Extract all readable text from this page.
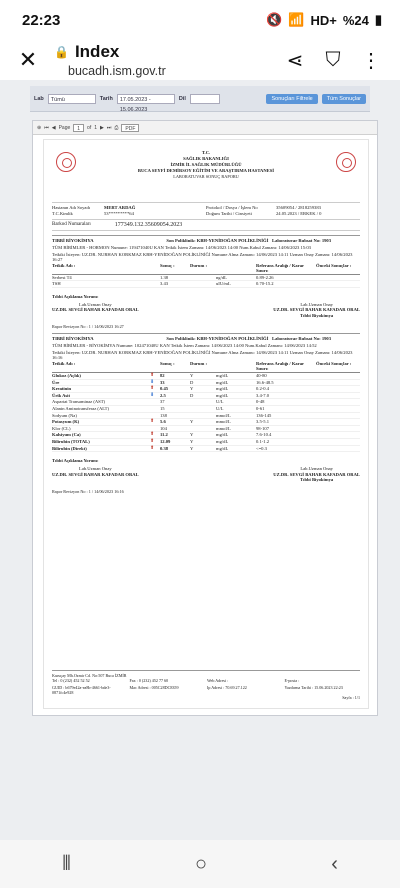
22:23	🔇 📶 HD+ %24 ▮
✕	🔒 Index
bucadh.ism.gov.tr	⋖	⛉	⋮
Lab	Tümü	Tarih	17.05.2023 - 15.06.2023
Dil	Sonuçları Filtrele	Tüm Sonuçlar
⊕ ⏮ ◀ Page	1	of 1 ▶ ⏭ ⎙	PDF
T.C.
SAĞLIK BAKANLIĞI
İZMİR İL SAĞLIK MÜDÜRLÜĞÜ
BUCA SEYFİ DEMİRSOY EĞİTİM VE ARAŞTIRMA HASTANESİ
LABORATUVAR SONUÇ RAPORU
Hastanın Adı Soyadı	MERT ARDAĞ	Protokol / Dosya / İşlem No	35609054 / 2818259383
T.C.Kimlik	53*********64	Doğum Tarihi / Cinsiyeti	24.05.2023 / ERKEK / 0
Barkod Numaraları	177349.132.35609054.2023
TIBBİ BİYOKİMYA	Son Poliklinik: KBH-YENİDOĞAN POLİKLİNİĞİ Laboratuvar Rubsat No: 1903
TÜM BİRİMLER - HORMON Numune: 119471040U KAN Tetkik İstem Zamanı: 14/06/2023 14:00 Num.Kabul Zamanı: 14/06/2023 15:03
Tetkiki İsteyen: UZ.DR. NURHAN KORKMAZ KBH-YENİDOĞAN POLİKLİNİĞİ Numune Alma Zamanı: 14/06/2023 14:11 Uzman Onay Zamanı: 14/06/2023 16:27
Tetkik Adı :	Sonuç :	Durum :	Referans Aralığı / Karar Sınırı:
Önceki Sonuçlar :
Serbest T4	1.38	ng/dL	0.89-2.26
TSH	3.43	uIU/mL	0.70-15.2
Tıbbi Açıklama Yorum:
Lab.Uzman Onay
UZ.DR. SEVGİ BAHAR KAFADAR ORAL
Lab.Uzman Onay
UZ.DR. SEVGİ BAHAR KAFADAR ORAL
Tıbbi Biyokimya
Rapor Revizyon No : 1 / 14/06/2023 16:27
TIBBİ BİYOKİMYA	Son Poliklinik: KBH-YENİDOĞAN POLİKLİNİĞİ Laboratuvar Rubsat No: 1903
TÜM BİRİMLER - BİYOKİMYA Numune: 102471040U KAN Tetkik İstem Zamanı: 14/06/2023 14:00 Num.Kabul Zamanı: 14/06/2023 14:52
Tetkiki İsteyen: UZ.DR. NURHAN KORKMAZ KBH-YENİDOĞAN POLİKLİNİĞİ Numune Alma Zamanı: 14/06/2023 14:11 Uzman Onay Zamanı: 14/06/2023 16:16
Tetkik Adı :	Sonuç :	Durum :	Referans Aralığı / Karar Sınırı:
Önceki Sonuçlar :
Glukoz (Açlık)	⬆	82	Y	mg/dL	40-80
Üre	⬇	33	D	mg/dL	16.6-48.5
Kreatinin	⬆	0.45	Y	mg/dL	0.2-0.4
Ürik Asit	⬇	2.5	D	mg/dL	3.4-7.0
Aspartat Transaminaz (AST)	37	U/L	0-48
Alanin Aminotransferaz (ALT)	15	U/L	0-61
Sodyum (Na)	138	mmol/L	136-145
Potasyum (K)	⬆	5.6	Y	mmol/L	3.5-5.1
Klor (CL)	104	mmol/L	98-107
Kalsiyum (Ca)	⬆	11.2	Y	mg/dL	7.6-10.4
Bilirubin (TOTAL)	⬆	12.09	Y	mg/dL	0.1-1.2
Bilirubin (Direkt)	⬆	0.38	Y	mg/dL	<=0.3
Tıbbi Açıklama Yorum:
Lab.Uzman Onay
UZ.DR. SEVGİ BAHAR KAFADAR ORAL
Lab.Uzman Onay
UZ.DR. SEVGİ BAHAR KAFADAR ORAL
Tıbbi Biyokimya
Rapor Revizyon No : 1 / 14/06/2023 16:16
Kuruçay Mh.Ozmir Cd. No:507 Buca İZMİR
Tel : 0 (232) 452 52 52	Fax : 0 (232) 452 77 60	Web Adresi :	E-posta :
GUID : b679e42a-ea8b-4661-bde3-0871fc4e928
Mac Adresi : 005C28DC8359	Ip Adresi : 70.69.27.122	Yazdırma Tarihi : 15.06.2023 22:23
Sayfa : 1/1
⦀	○	‹
